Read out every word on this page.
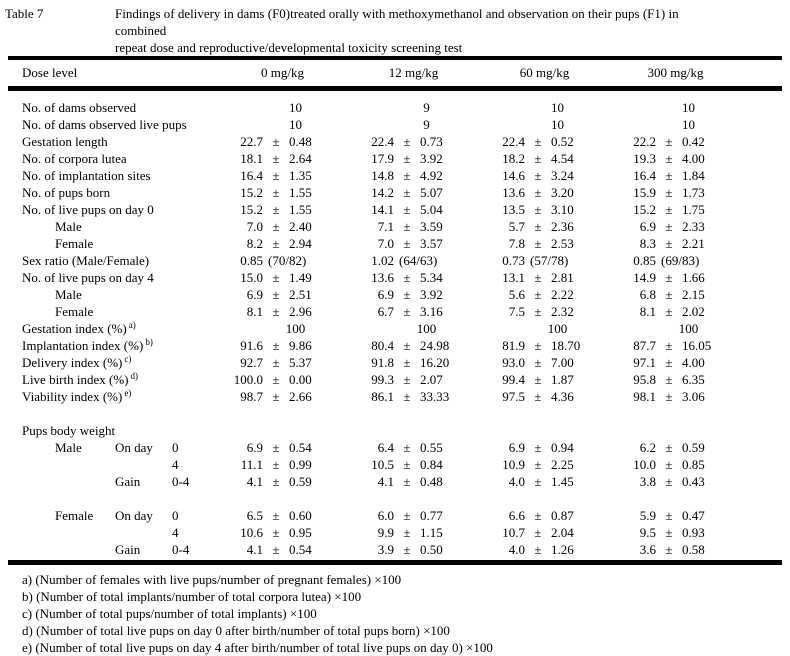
Table 7	Findings of delivery in dams (F0)treated orally with methoxymethanol and observation on their pups (F1) in combined
repeat dose and reproductive/developmental toxicity screening test
Dose level	0 mg/kg	12 mg/kg	60 mg/kg	300 mg/kg
No. of dams observed	10	9	10	10
No. of dams observed live pups	10	9	10	10
Gestation length	22.7 ± 0.48	22.4 ± 0.73	22.4 ± 0.52	22.2 ± 0.42
No. of corpora lutea	18.1 ± 2.64	17.9 ± 3.92	18.2 ± 4.54	19.3 ± 4.00
No. of implantation sites	16.4 ± 1.35	14.8 ± 4.92	14.6 ± 3.24	16.4 ± 1.84
No. of pups born	15.2 ± 1.55	14.2 ± 5.07	13.6 ± 3.20	15.9 ± 1.73
No. of live pups on day 0	15.2 ± 1.55	14.1 ± 5.04	13.5 ± 3.10	15.2 ± 1.75
Male	7.0 ± 2.40	7.1 ± 3.59	5.7 ± 2.36	6.9 ± 2.33
Female	8.2 ± 2.94	7.0 ± 3.57	7.8 ± 2.53	8.3 ± 2.21
Sex ratio (Male/Female)	0.85 (70/82)	1.02 (64/63)	0.73 (57/78)	0.85 (69/83)
No. of live pups on day 4	15.0 ± 1.49	13.6 ± 5.34	13.1 ± 2.81	14.9 ± 1.66
Male	6.9 ± 2.51	6.9 ± 3.92	5.6 ± 2.22	6.8 ± 2.15
Female	8.1 ± 2.96	6.7 ± 3.16	7.5 ± 2.32	8.1 ± 2.02
Gestation index (%) $^{a)}$	100	100	100	100
Implantation index (%) $^{b)}$	91.6 ± 9.86	80.4 ± 24.98	81.9 ± 18.70	87.7 ± 16.05
Delivery index (%) $^{c)}$	92.7 ± 5.37	91.8 ± 16.20	93.0 ± 7.00	97.1 ± 4.00
Live birth index (%) $^{d)}$	100.0 ± 0.00	99.3 ± 2.07	99.4 ± 1.87	95.8 ± 6.35
Viability index (%) $^{e)}$	98.7 ± 2.66	86.1 ± 33.33	97.5 ± 4.36	98.1 ± 3.06
Pups body weight
Male	On day 0	6.9 ± 0.54	6.4 ± 0.55	6.9 ± 0.94	6.2 ± 0.59
4	11.1 ± 0.99	10.5 ± 0.84	10.9 ± 2.25	10.0 ± 0.85
Gain 0-4	4.1 ± 0.59	4.1 ± 0.48	4.0 ± 1.45	3.8 ± 0.43
Female On day 0	6.5 ± 0.60	6.0 ± 0.77	6.6 ± 0.87	5.9 ± 0.47
4	10.6 ± 0.95	9.9 ± 1.15	10.7 ± 2.04	9.5 ± 0.93
Gain 0-4	4.1 ± 0.54	3.9 ± 0.50	4.0 ± 1.26	3.6 ± 0.58
a) (Number of females with live pups/number of pregnant females) ×100
b) (Number of total implants/number of total corpora lutea) ×100
c) (Number of total pups/number of total implants) ×100
d) (Number of total live pups on day 0 after birth/number of total pups born) ×100
e) (Number of total live pups on day 4 after birth/number of total live pups on day 0) ×100
